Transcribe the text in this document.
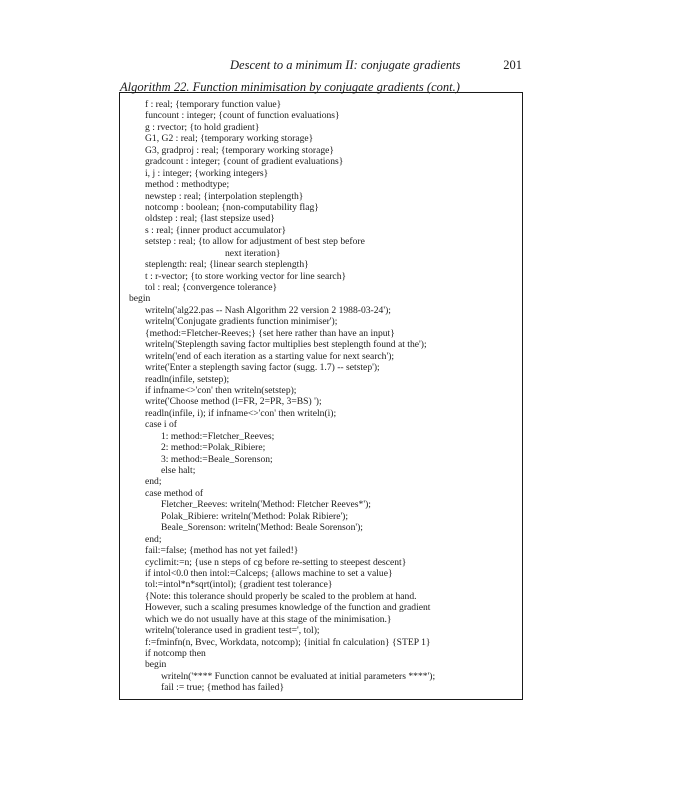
Descent to a minimum II: conjugate gradients	201
Algorithm 22. Function minimisation by conjugate gradients (cont.)
f : real; {temporary function value}
funcount : integer; {count of function evaluations}
g : rvector; {to hold gradient}
G1, G2 : real; {temporary working storage}
G3, gradproj : real; {temporary working storage}
gradcount : integer; {count of gradient evaluations}
i, j : integer; {working integers}
method : methodtype;
newstep : real; {interpolation steplength}
notcomp : boolean; {non-computability flag}
oldstep : real; {last stepsize used}
s : real; {inner product accumulator}
setstep : real; {to allow for adjustment of best step before
next iteration}
steplength: real; {linear search steplength}
t : r-vector; {to store working vector for line search}
tol : real; {convergence tolerance}
begin
writeln('alg22.pas -- Nash Algorithm 22 version 2 1988-03-24');
writeln('Conjugate gradients function minimiser');
{method:=Fletcher-Reeves;} {set here rather than have an input}
writeln('Steplength saving factor multiplies best steplength found at the');
writeln('end of each iteration as a starting value for next search');
write('Enter a steplength saving factor (sugg. 1.7) -- setstep');
readln(infile, setstep);
if infname<>'con' then writeln(setstep);
write('Choose method (l=FR, 2=PR, 3=BS) ');
readln(infile, i); if infname<>'con' then writeln(i);
case i of
1: method:=Fletcher_Reeves;
2: method:=Polak_Ribiere;
3: method:=Beale_Sorenson;
else halt;
end;
case method of
Fletcher_Reeves: writeln('Method: Fletcher Reeves*');
Polak_Ribiere: writeln('Method: Polak Ribiere');
Beale_Sorenson: writeln('Method: Beale Sorenson');
end;
fail:=false; {method has not yet failed!}
cyclimit:=n; {use n steps of cg before re-setting to steepest descent}
if intol<0.0 then intol:=Calceps; {allows machine to set a value}
tol:=intol*n*sqrt(intol); {gradient test tolerance}
{Note: this tolerance should properly be scaled to the problem at hand.
However, such a scaling presumes knowledge of the function and gradient
which we do not usually have at this stage of the minimisation.}
writeln('tolerance used in gradient test=', tol);
f:=fminfn(n, Bvec, Workdata, notcomp); {initial fn calculation} {STEP 1}
if notcomp then
begin
writeln('**** Function cannot be evaluated at initial parameters ****');
fail := true; {method has failed}
